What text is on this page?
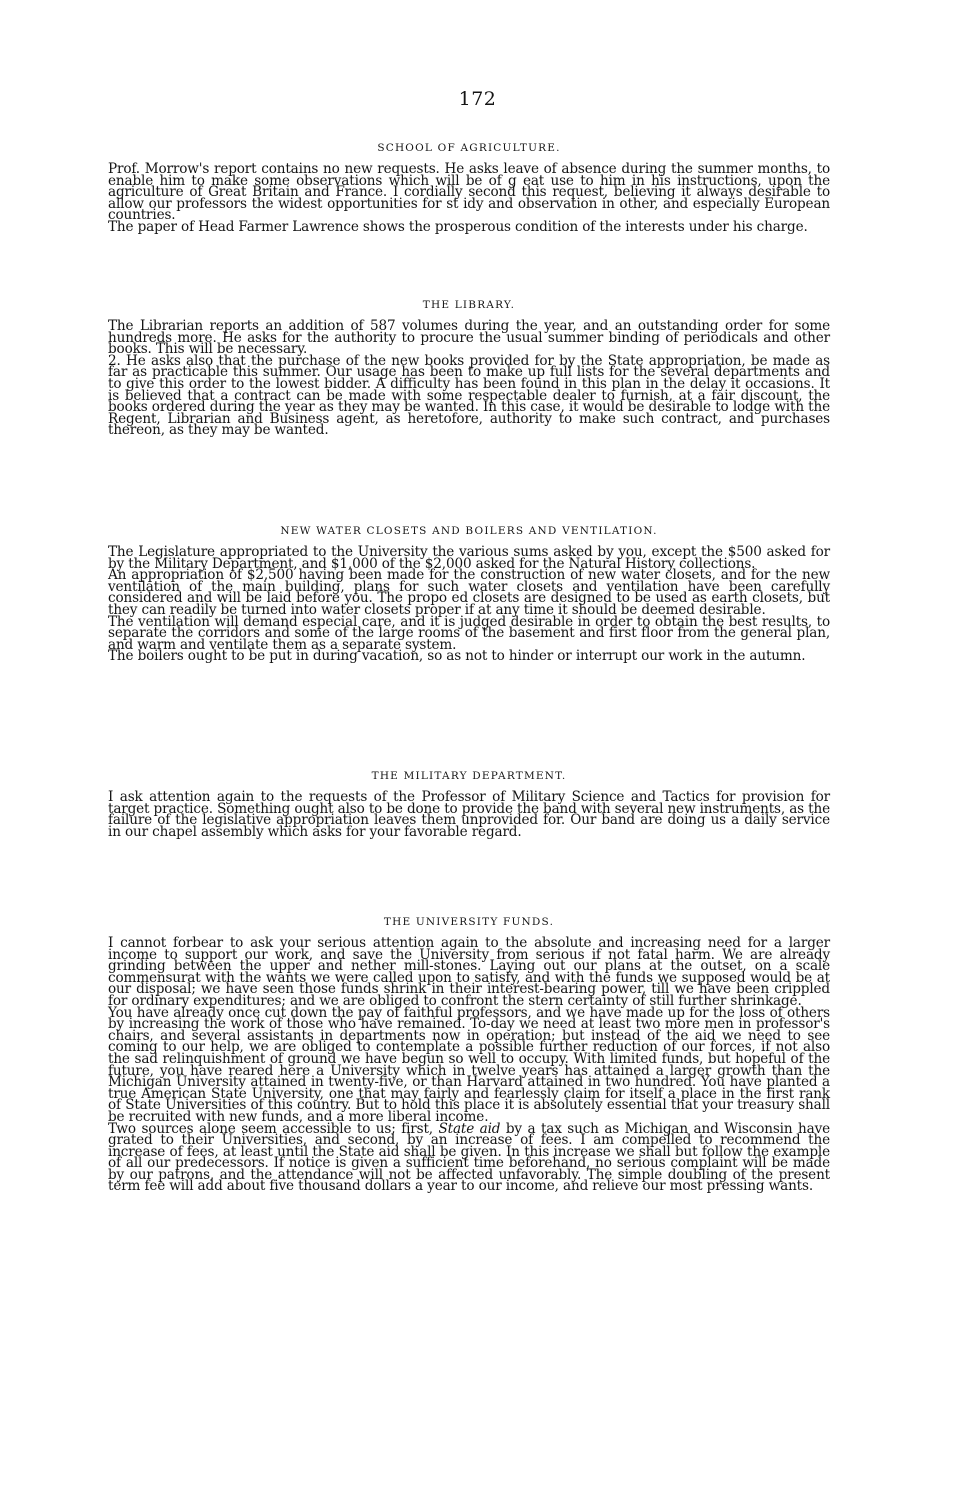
172
SCHOOL OF AGRICULTURE.

Prof. Morrow's report contains no new requests. He asks leave of absence during the summer months, to enable him to make some observations which will be of g eat use to him in his instructions, upon the agriculture of Great Britain and France. I cordially second this request, believing it always desirable to allow our professors the widest opportunities for st idy and observation in other, and especially European countries.

The paper of Head Farmer Lawrence shows the prosperous condition of the interests under his charge.

THE LIBRARY.

The Librarian reports an addition of 587 volumes during the year, and an outstanding order for some hundreds more. He asks for the authority to procure the usual summer binding of periodicals and other books. This will be necessary.

2. He asks also that the purchase of the new books provided for by the State appropriation, be made as far as practicable this summer. Our usage has been to make up full lists for the several departments and to give this order to the lowest bidder. A difficulty has been found in this plan in the delay it occasions. It is believed that a contract can be made with some respectable dealer to furnish, at a fair discount, the books ordered during the year as they may be wanted. In this case, it would be desirable to lodge with the Regent, Librarian and Business agent, as heretofore, authority to make such contract, and purchases thereon, as they may be wanted.

NEW WATER CLOSETS AND BOILERS AND VENTILATION.

The Legislature appropriated to the University the various sums asked by you, except the $500 asked for by the Military Department, and $1,000 of the $2,000 asked for the Natural History collections.

An appropriation of $2,500 having been made for the construction of new water closets, and for the new ventilation of the main building, plans for such water closets and ventilation have been carefully considered and will be laid before you. The propo ed closets are designed to be used as earth closets, but they can readily be turned into water closets proper if at any time it should be deemed desirable.

The ventilation will demand especial care, and it is judged desirable in order to obtain the best results, to separate the corridors and some of the large rooms of the basement and first floor from the general plan, and warm and ventilate them as a separate system.

The boilers ought to be put in during vacation, so as not to hinder or interrupt our work in the autumn.

THE MILITARY DEPARTMENT.

I ask attention again to the requests of the Professor of Military Science and Tactics for provision for target practice. Something ought also to be done to provide the band with several new instruments, as the failure of the legislative appropriation leaves them unprovided for. Our band are doing us a daily service in our chapel assembly which asks for your favorable regard.

THE UNIVERSITY FUNDS.

I cannot forbear to ask your serious attention again to the absolute and increasing need for a larger income to support our work, and save the University from serious if not fatal harm. We are already grinding between the upper and nether mill-stones. Laying out our plans at the outset, on a scale commensurat with the wants we were called upon to satisfy, and with the funds we supposed would be at our disposal; we have seen those funds shrink in their interest-bearing power, till we have been crippled for ordinary expenditures; and we are obliged to confront the stern certainty of still further shrinkage.

You have already once cut down the pay of faithful professors, and we have made up for the loss of others by increasing the work of those who have remained. To-day we need at least two more men in professor's chairs, and several assistants in departments now in operation; but instead of the aid we need to see coming to our help, we are obliged to contemplate a possible further reduction of our forces, if not also the sad relinquishment of ground we have begun so well to occupy. With limited funds, but hopeful of the future, you have reared here a University which in twelve years has attained a larger growth than the Michigan University attained in twenty-five, or than Harvard attained in two hundred. You have planted a true American State University, one that may fairly and fearlessly claim for itself a place in the first rank of State Universities of this country. But to hold this place it is absolutely essential that your treasury shall be recruited with new funds, and a more liberal income.

Two sources alone seem accessible to us; first, State aid by a tax such as Michigan and Wisconsin have grated to their Universities, and second, by an increase of fees. I am compelled to recommend the increase of fees, at least until the State aid shall be given. In this increase we shall but follow the example of all our predecessors. If notice is given a sufficient time beforehand, no serious complaint will be made by our patrons, and the attendance will not be affected unfavorably. The simple doubling of the present term fee will add about five thousand dollars a year to our income, and relieve our most pressing wants.
